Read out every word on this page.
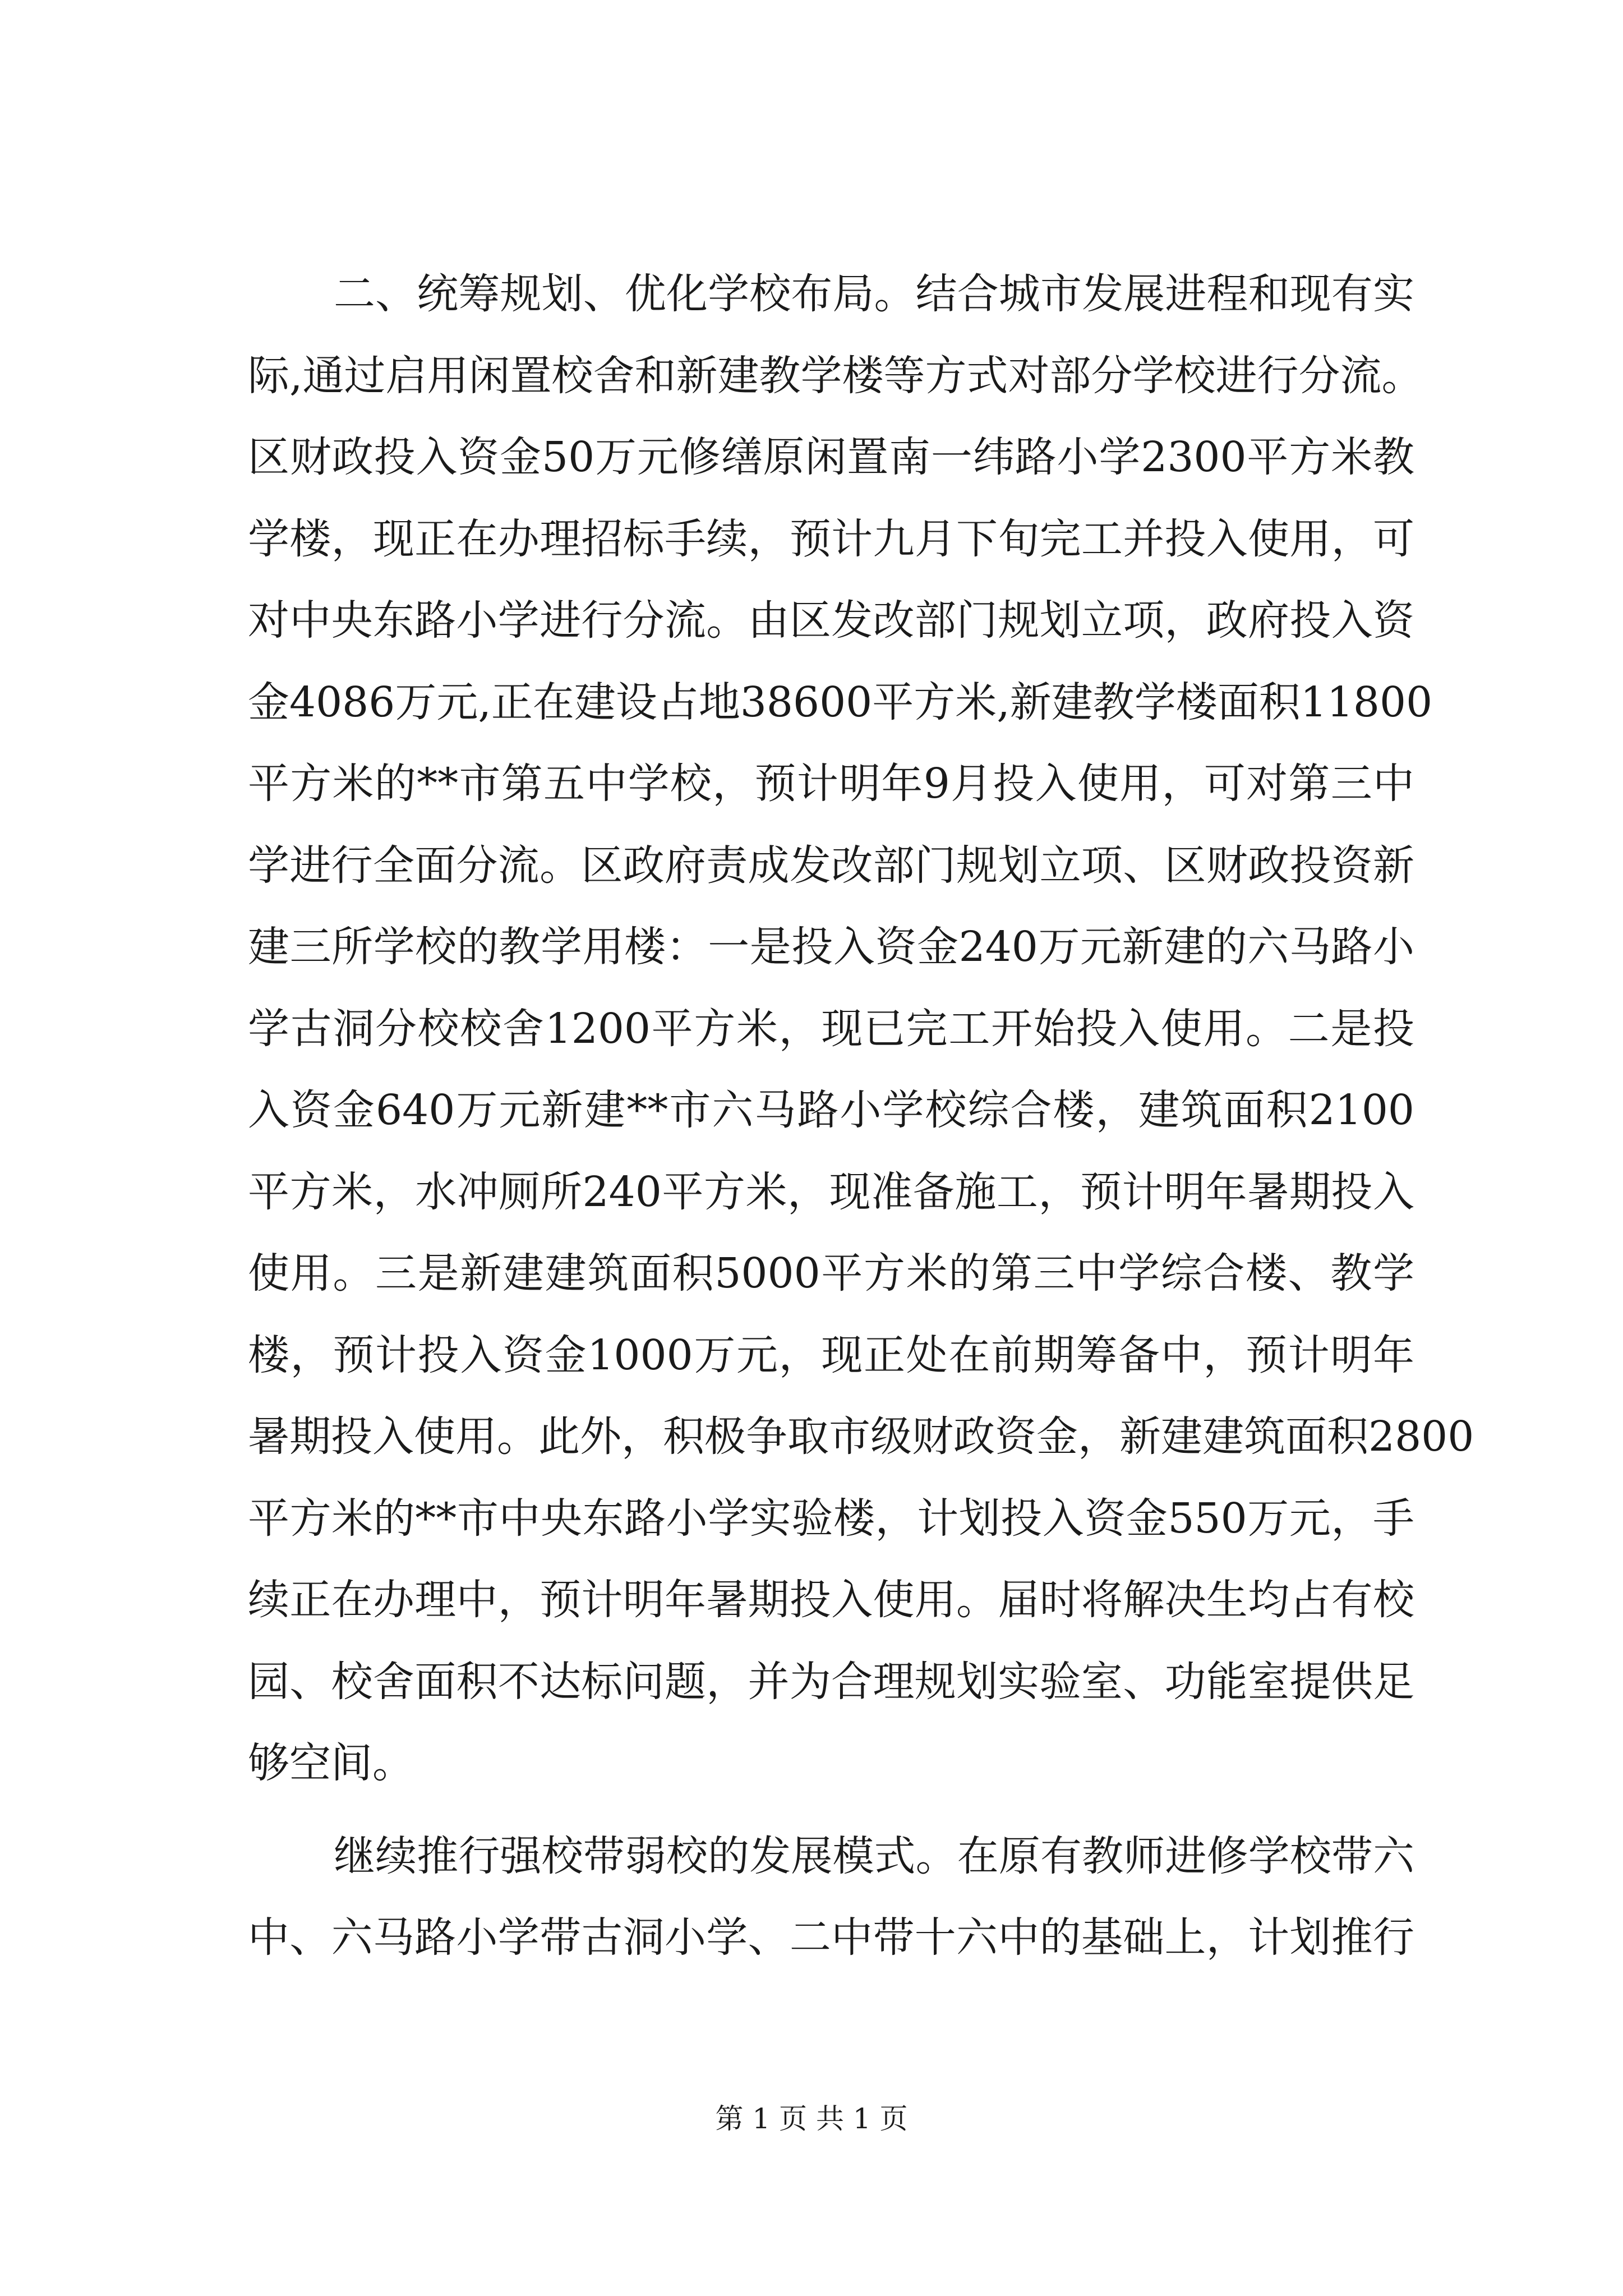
二、统筹规划、优化学校布局。结合城市发展进程和现有实
际,通过启用闲置校舍和新建教学楼等方式对部分学校进行分流。
区财政投入资金50万元修缮原闲置南一纬路小学2300平方米教
学楼，现正在办理招标手续，预计九月下旬完工并投入使用，可
对中央东路小学进行分流。由区发改部门规划立项，政府投入资
金4086万元,正在建设占地38600平方米,新建教学楼面积11800
平方米的**市第五中学校，预计明年9月投入使用，可对第三中
学进行全面分流。区政府责成发改部门规划立项、区财政投资新
建三所学校的教学用楼：一是投入资金240万元新建的六马路小
学古洞分校校舍1200平方米，现已完工开始投入使用。二是投
入资金640万元新建**市六马路小学校综合楼，建筑面积2100
平方米，水冲厕所240平方米，现准备施工，预计明年暑期投入
使用。三是新建建筑面积5000平方米的第三中学综合楼、教学
楼，预计投入资金1000万元，现正处在前期筹备中，预计明年
暑期投入使用。此外，积极争取市级财政资金，新建建筑面积2800
平方米的**市中央东路小学实验楼，计划投入资金550万元，手
续正在办理中，预计明年暑期投入使用。届时将解决生均占有校
园、校舍面积不达标问题，并为合理规划实验室、功能室提供足
够空间。
继续推行强校带弱校的发展模式。在原有教师进修学校带六
中、六马路小学带古洞小学、二中带十六中的基础上，计划推行
第 1 页 共 1 页
